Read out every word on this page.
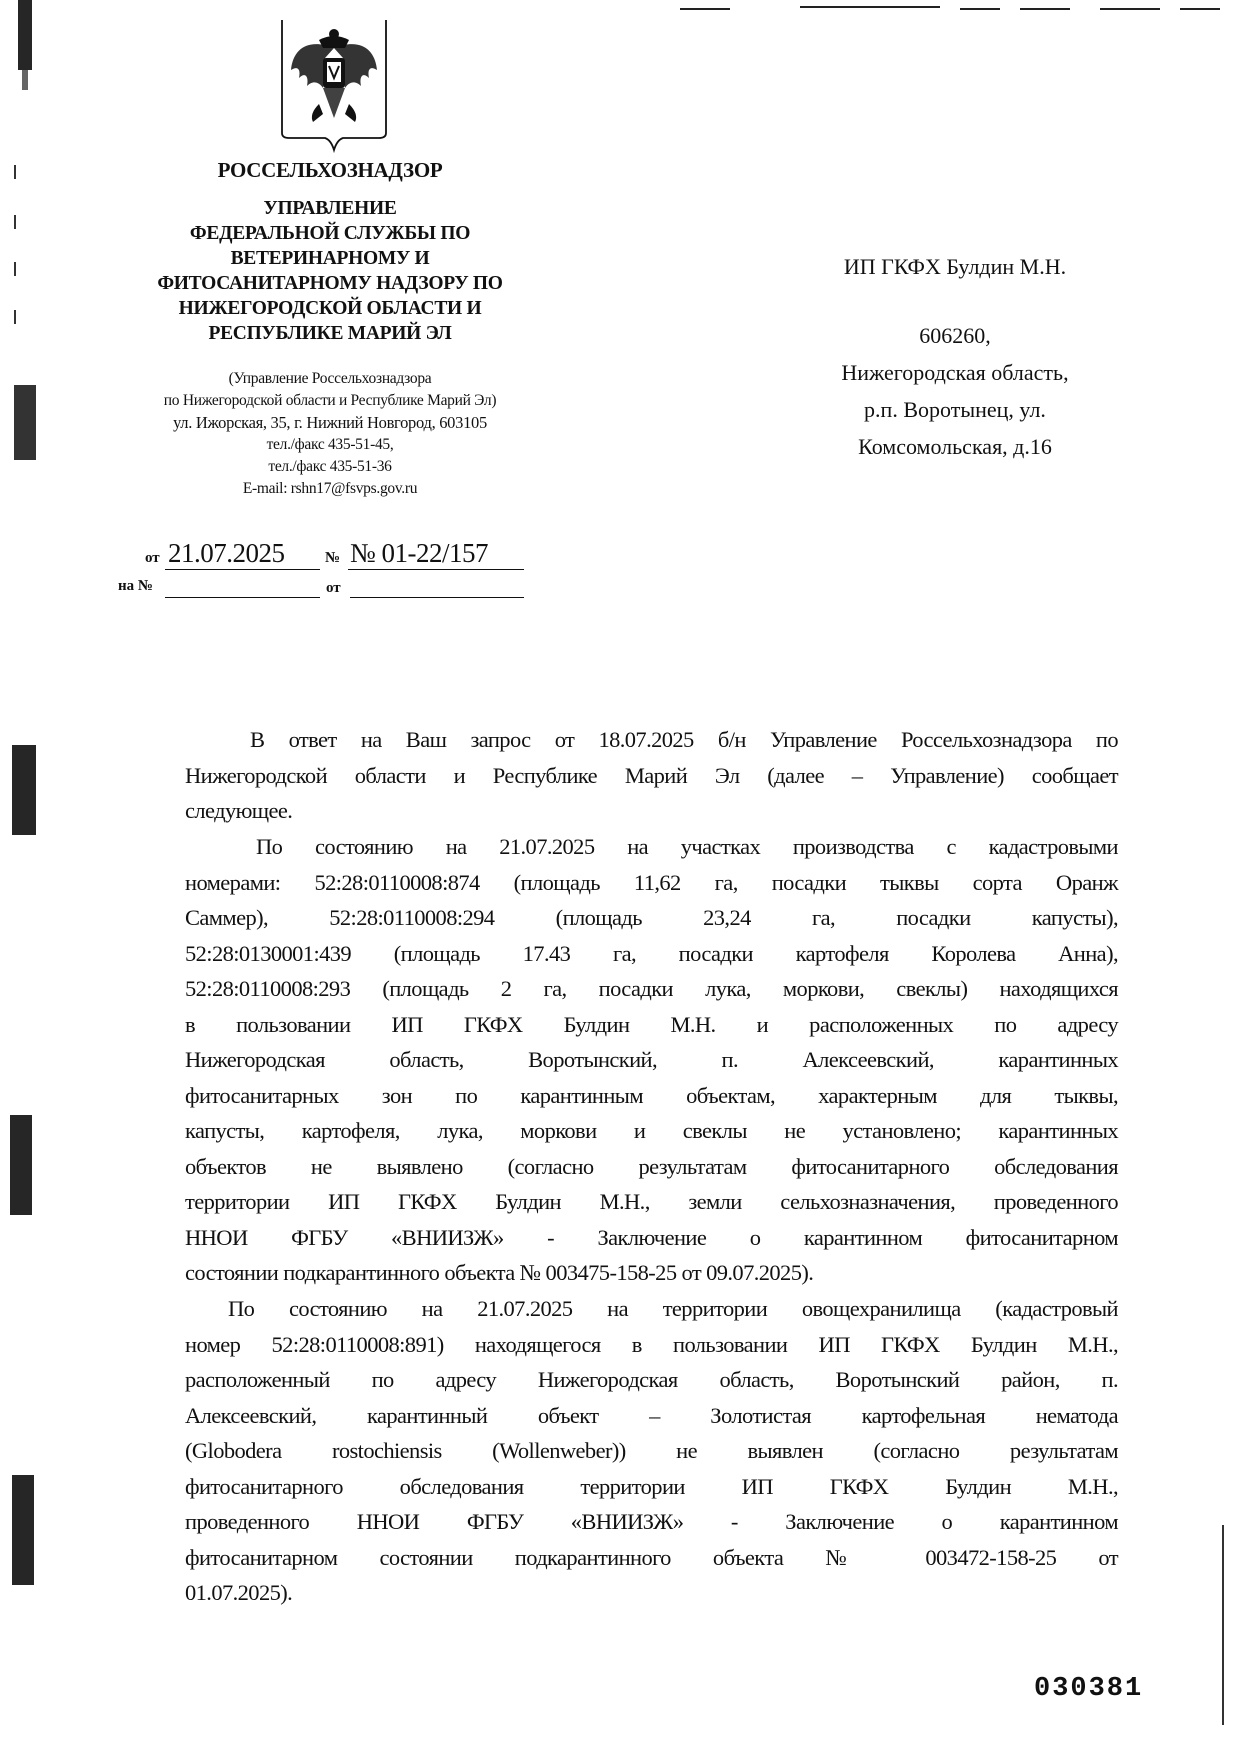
РОССЕЛЬХОЗНАДЗОР
УПРАВЛЕНИЕ
ФЕДЕРАЛЬНОЙ СЛУЖБЫ ПО
ВЕТЕРИНАРНОМУ И
ФИТОСАНИТАРНОМУ НАДЗОРУ ПО
НИЖЕГОРОДСКОЙ ОБЛАСТИ И
РЕСПУБЛИКЕ МАРИЙ ЭЛ
(Управление Россельхознадзора
по Нижегородской области и Республике Марий Эл)
ул. Ижорская, 35, г. Нижний Новгород, 603105
тел./факс 435-51-45,
тел./факс 435-51-36
E-mail: rshn17@fsvps.gov.ru
от 21.07.2025	№ № 01-22/157
на №	от
ИП ГКФХ Булдин М.Н.
606260,
Нижегородская область,
р.п. Воротынец, ул.
Комсомольская, д.16
В ответ на Ваш запрос от 18.07.2025 б/н Управление Россельхознадзора по
Нижегородской области и Республике Марий Эл (далее – Управление) сообщает
следующее.
По состоянию на 21.07.2025 на участках производства с кадастровыми
номерами: 52:28:0110008:874 (площадь 11,62 га, посадки тыквы сорта Оранж
Саммер), 52:28:0110008:294 (площадь 23,24 га, посадки капусты),
52:28:0130001:439 (площадь 17.43 га, посадки картофеля Королева Анна),
52:28:0110008:293 (площадь 2 га, посадки лука, моркови, свеклы) находящихся
в пользовании ИП ГКФХ Булдин М.Н. и расположенных по адресу
Нижегородская область, Воротынский, п. Алексеевский, карантинных
фитосанитарных зон по карантинным объектам, характерным для тыквы,
капусты, картофеля, лука, моркови и свеклы не установлено; карантинных
объектов не выявлено (согласно результатам фитосанитарного обследования
территории ИП ГКФХ Булдин М.Н., земли сельхозназначения, проведенного
ННОИ ФГБУ «ВНИИЗЖ» - Заключение о карантинном фитосанитарном
состоянии подкарантинного объекта № 003475-158-25 от 09.07.2025).
По состоянию на 21.07.2025 на территории овощехранилища (кадастровый
номер 52:28:0110008:891) находящегося в пользовании ИП ГКФХ Булдин М.Н.,
расположенный по адресу Нижегородская область, Воротынский район, п.
Алексеевский, карантинный объект – Золотистая картофельная нематода
(Globodera rostochiensis (Wollenweber)) не выявлен (согласно результатам
фитосанитарного обследования территории ИП ГКФХ Булдин М.Н.,
проведенного ННОИ ФГБУ «ВНИИЗЖ» - Заключение о карантинном
фитосанитарном состоянии подкарантинного объекта № 003472-158-25 от
01.07.2025).
030381
